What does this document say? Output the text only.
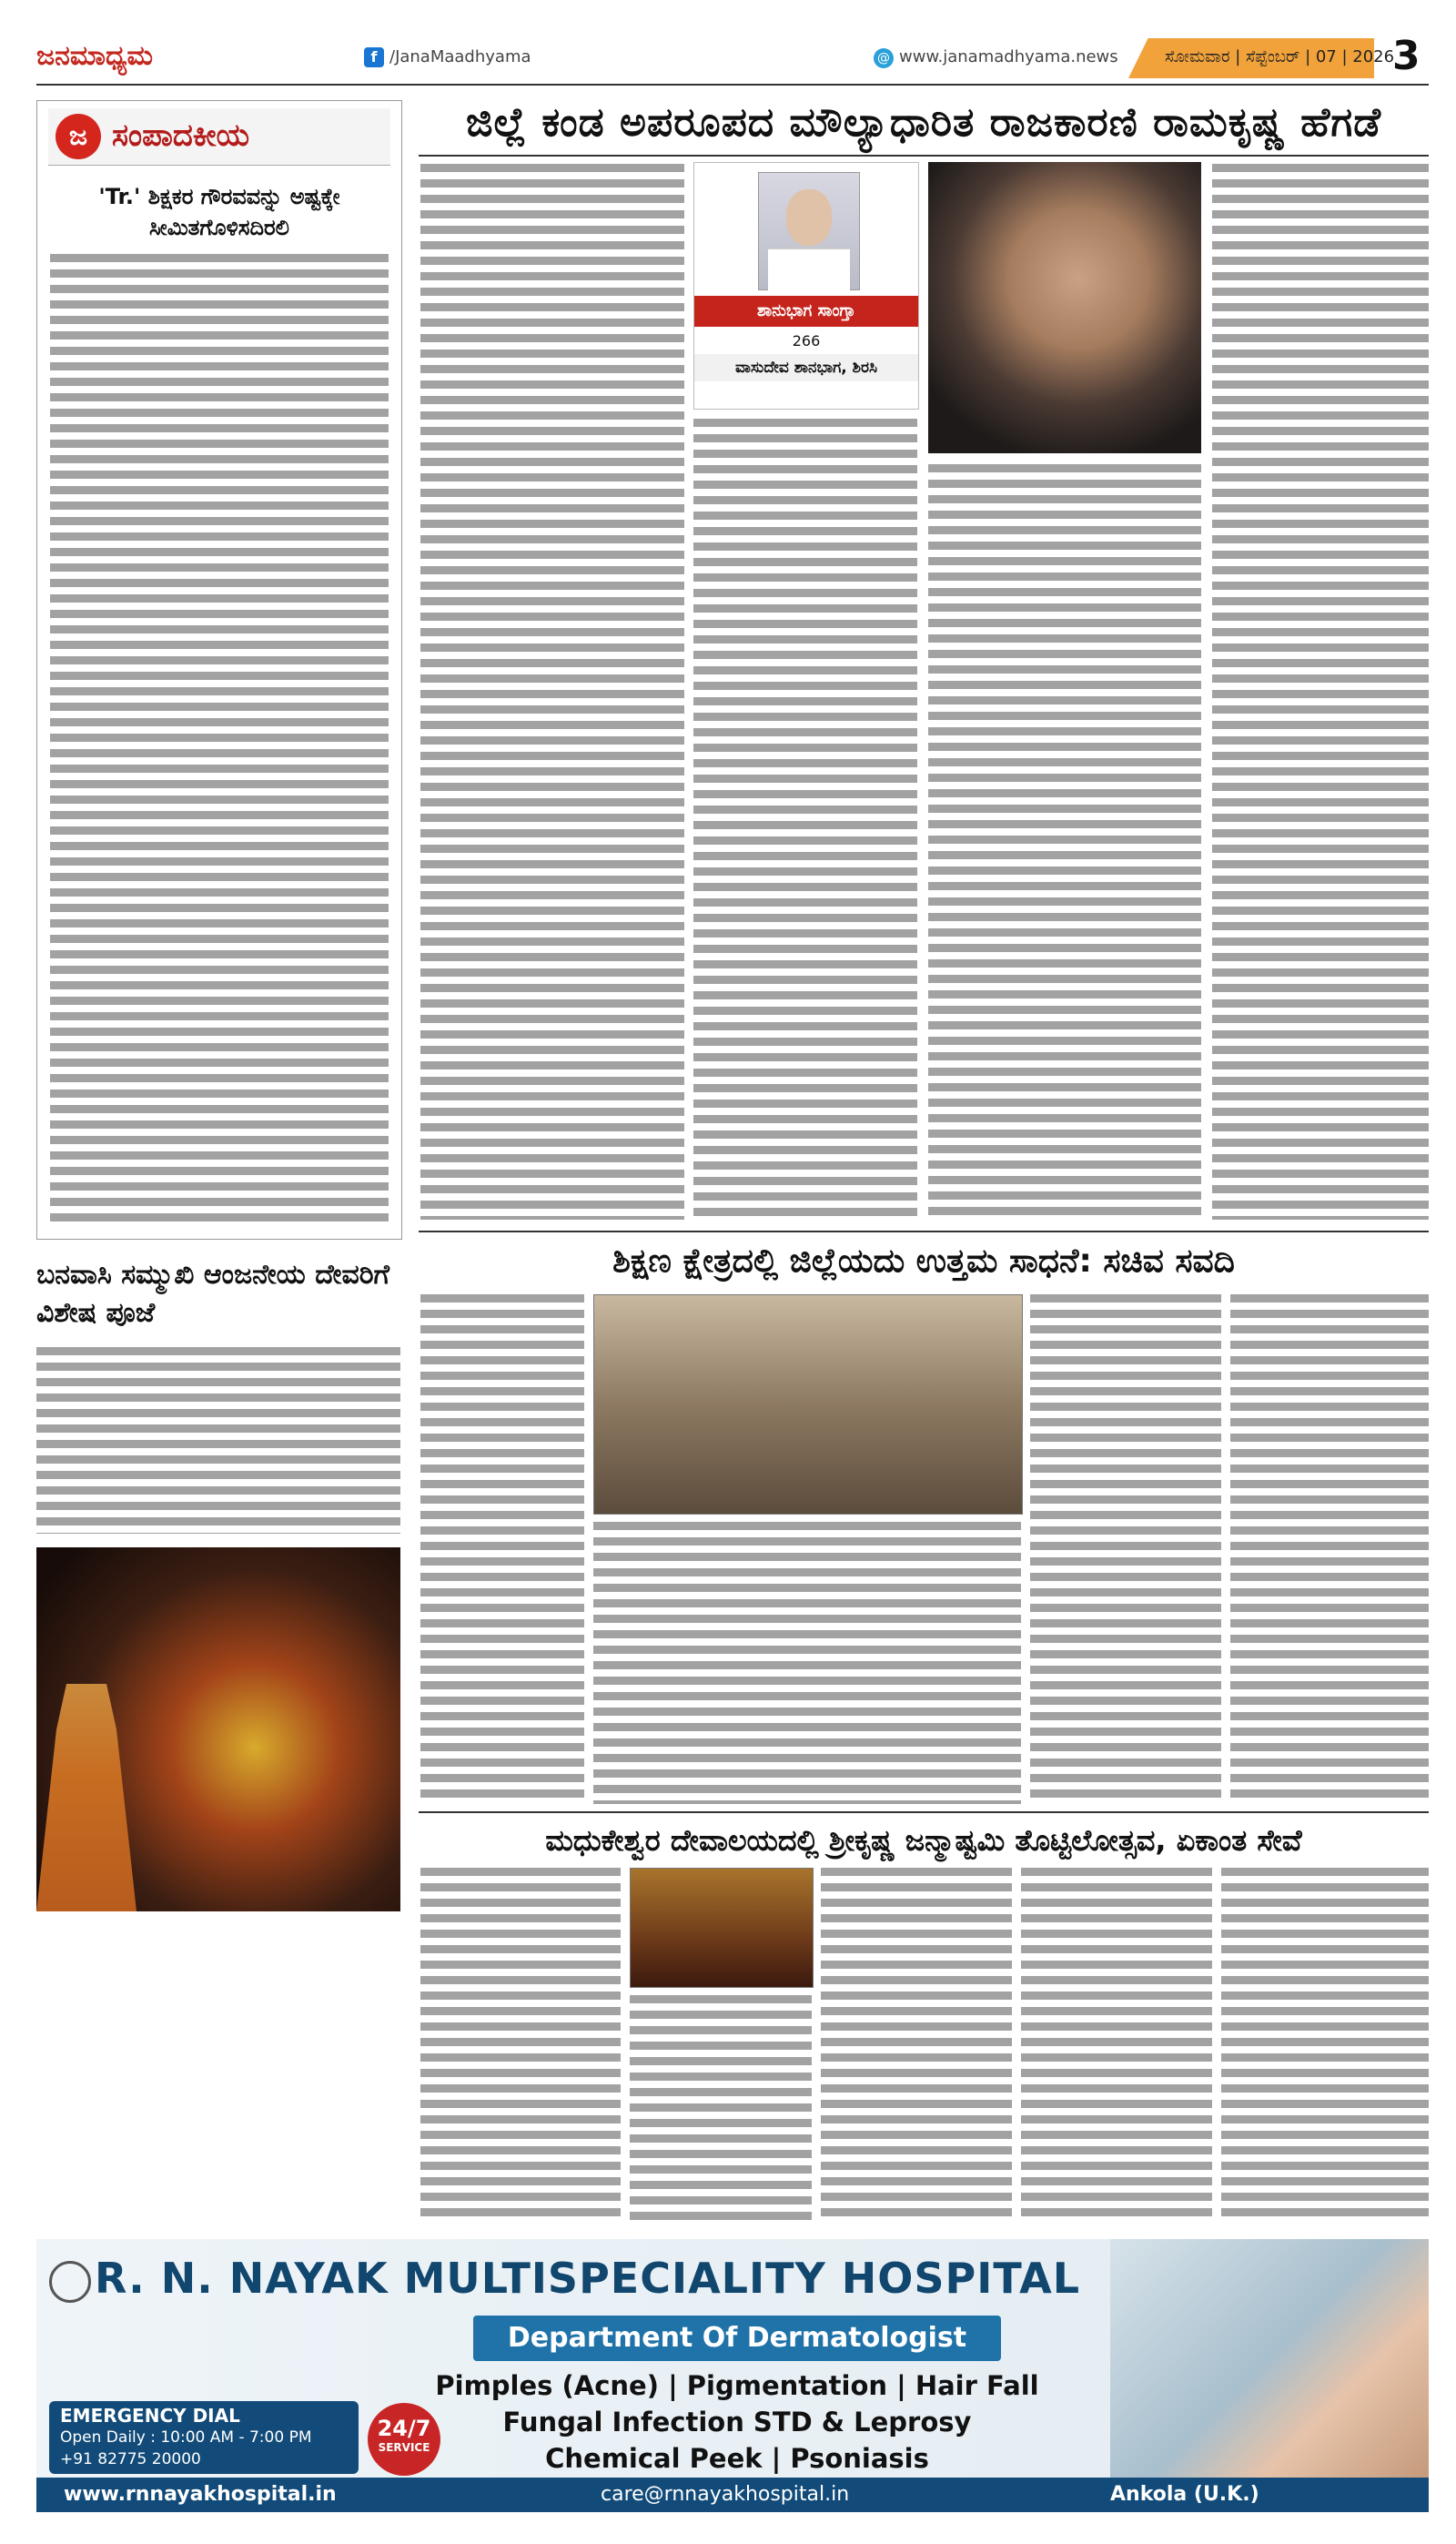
ಜನಮಾಧ್ಯಮ	f /JanaMaadhyama	@ www.janamadhyama.news	ಸೋಮವಾರ | ಸೆಪ್ಟೆಂಬರ್ | 07 | 2026
3
ಜ ಸಂಪಾದಕೀಯ
'Tr.' ಶಿಕ್ಷಕರ ಗೌರವವನ್ನು ಅಷ್ಟಕ್ಕೇ ಸೀಮಿತಗೊಳಿಸದಿರಲಿ
ಜಿಲ್ಲೆ ಕಂಡ ಅಪರೂಪದ ಮೌಲ್ಯಾಧಾರಿತ ರಾಜಕಾರಣಿ ರಾಮಕೃಷ್ಣ ಹೆಗಡೆ
ಶಾನುಭಾಗ ಸಾಂಗ್ತಾ
266
ವಾಸುದೇವ ಶಾನಭಾಗ, ಶಿರಸಿ
ಶಿಕ್ಷಣ ಕ್ಷೇತ್ರದಲ್ಲಿ ಜಿಲ್ಲೆಯದು ಉತ್ತಮ ಸಾಧನೆ: ಸಚಿವ ಸವದಿ
ಮಧುಕೇಶ್ವರ ದೇವಾಲಯದಲ್ಲಿ ಶ್ರೀಕೃಷ್ಣ ಜನ್ಮಾಷ್ಟಮಿ ತೊಟ್ಟಿಲೋತ್ಸವ, ಏಕಾಂತ ಸೇವೆ
ಬನವಾಸಿ ಸಮ್ಮುಖಿ ಆಂಜನೇಯ ದೇವರಿಗೆ ವಿಶೇಷ ಪೂಜೆ
R. N. NAYAK MULTISPECIALITY HOSPITAL
Department Of Dermatologist
Pimples (Acne) | Pigmentation | Hair Fall
Fungal Infection STD & Leprosy
Chemical Peek | Psoniasis
EMERGENCY DIAL
Open Daily : 10:00 AM - 7:00 PM
+91 82775 20000
24/7
SERVICE
www.rnnayakhospital.in	care@rnnayakhospital.in	Ankola (U.K.)
